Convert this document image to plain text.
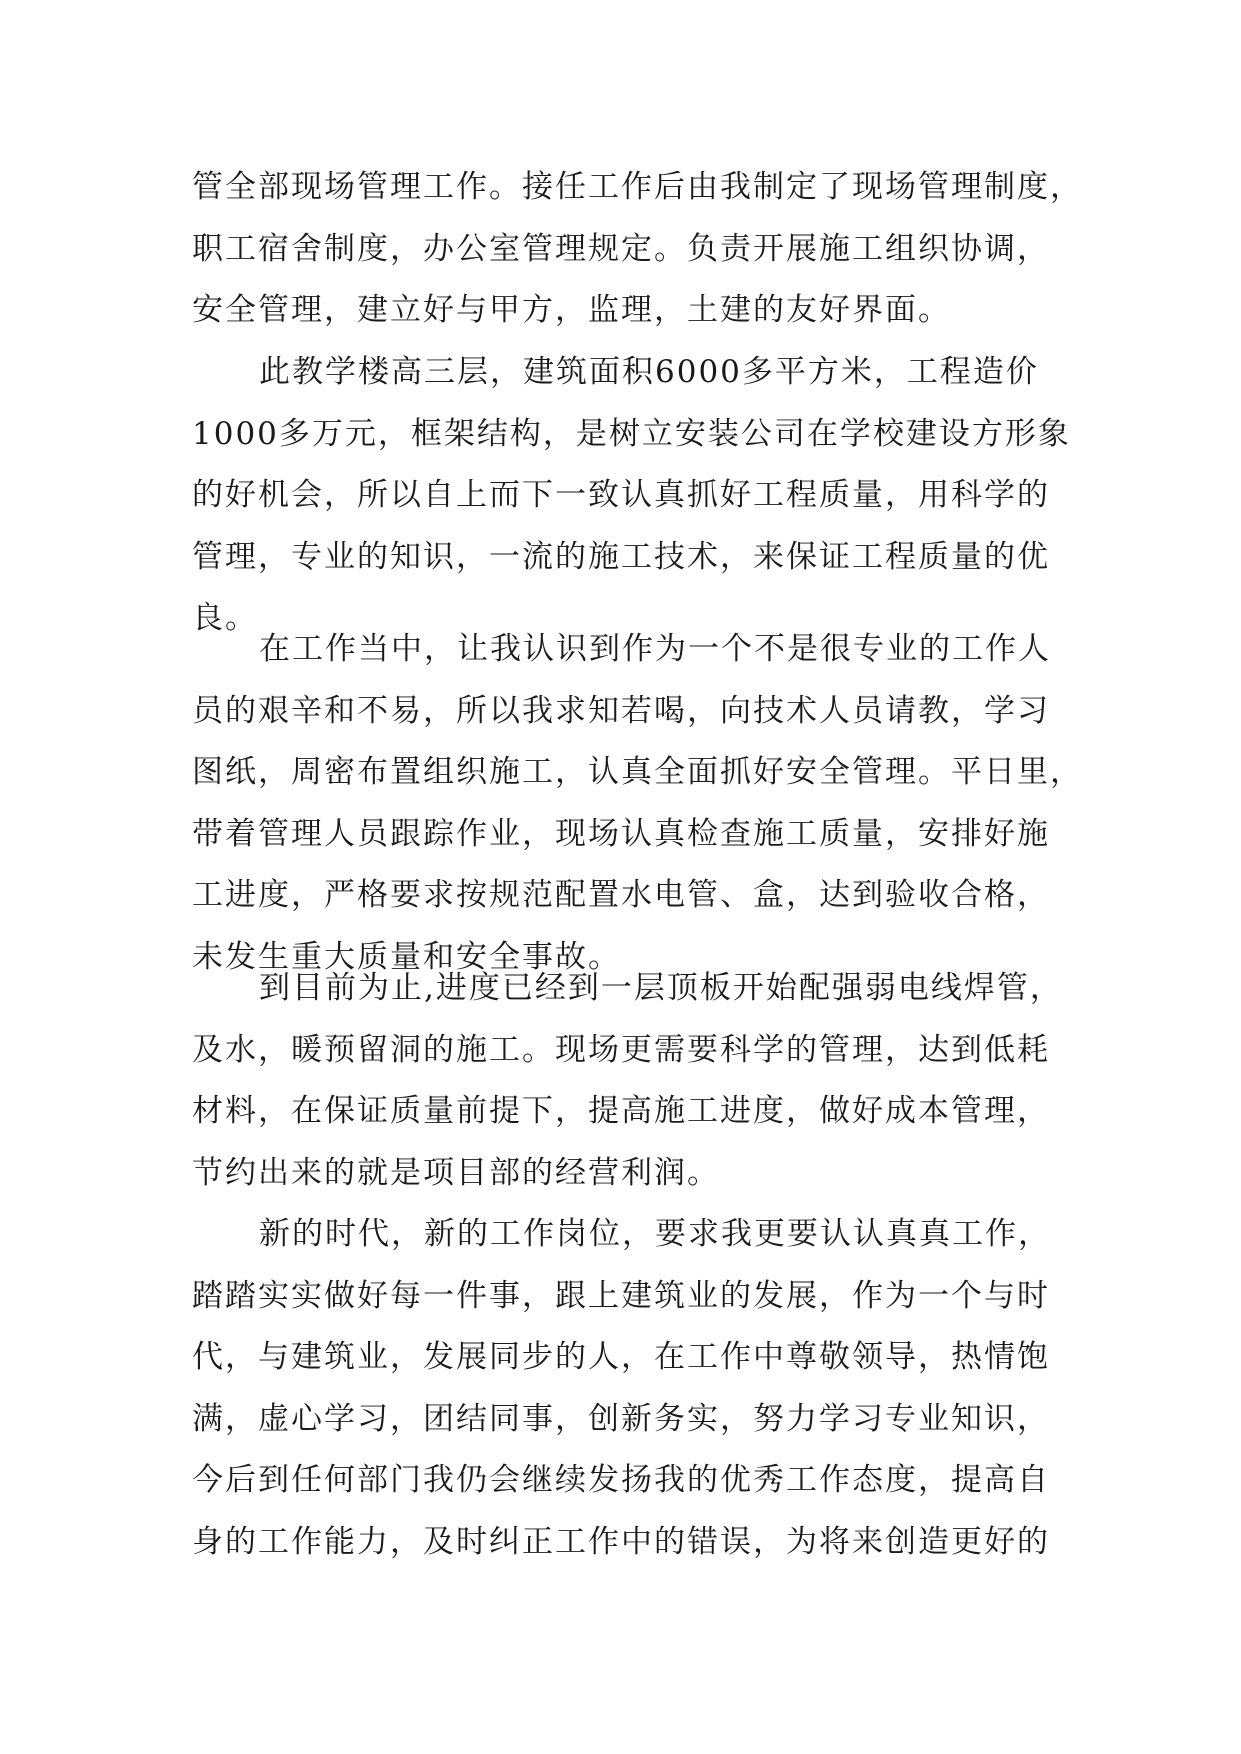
管全部现场管理工作。接任工作后由我制定了现场管理制度，
职工宿舍制度，办公室管理规定。负责开展施工组织协调，
安全管理，建立好与甲方，监理，土建的友好界面。
此教学楼高三层，建筑面积6000多平方米，工程造价
1000多万元，框架结构，是树立安装公司在学校建设方形象
的好机会，所以自上而下一致认真抓好工程质量，用科学的
管理，专业的知识，一流的施工技术，来保证工程质量的优
良。
在工作当中，让我认识到作为一个不是很专业的工作人
员的艰辛和不易，所以我求知若喝，向技术人员请教，学习
图纸，周密布置组织施工，认真全面抓好安全管理。平日里，
带着管理人员跟踪作业，现场认真检查施工质量，安排好施
工进度，严格要求按规范配置水电管、盒，达到验收合格，
未发生重大质量和安全事故。
到目前为止,进度已经到一层顶板开始配强弱电线焊管，
及水，暖预留洞的施工。现场更需要科学的管理，达到低耗
材料，在保证质量前提下，提高施工进度，做好成本管理，
节约出来的就是项目部的经营利润。
新的时代，新的工作岗位，要求我更要认认真真工作，
踏踏实实做好每一件事，跟上建筑业的发展，作为一个与时
代，与建筑业，发展同步的人，在工作中尊敬领导，热情饱
满，虚心学习，团结同事，创新务实，努力学习专业知识，
今后到任何部门我仍会继续发扬我的优秀工作态度，提高自
身的工作能力，及时纠正工作中的错误，为将来创造更好的
